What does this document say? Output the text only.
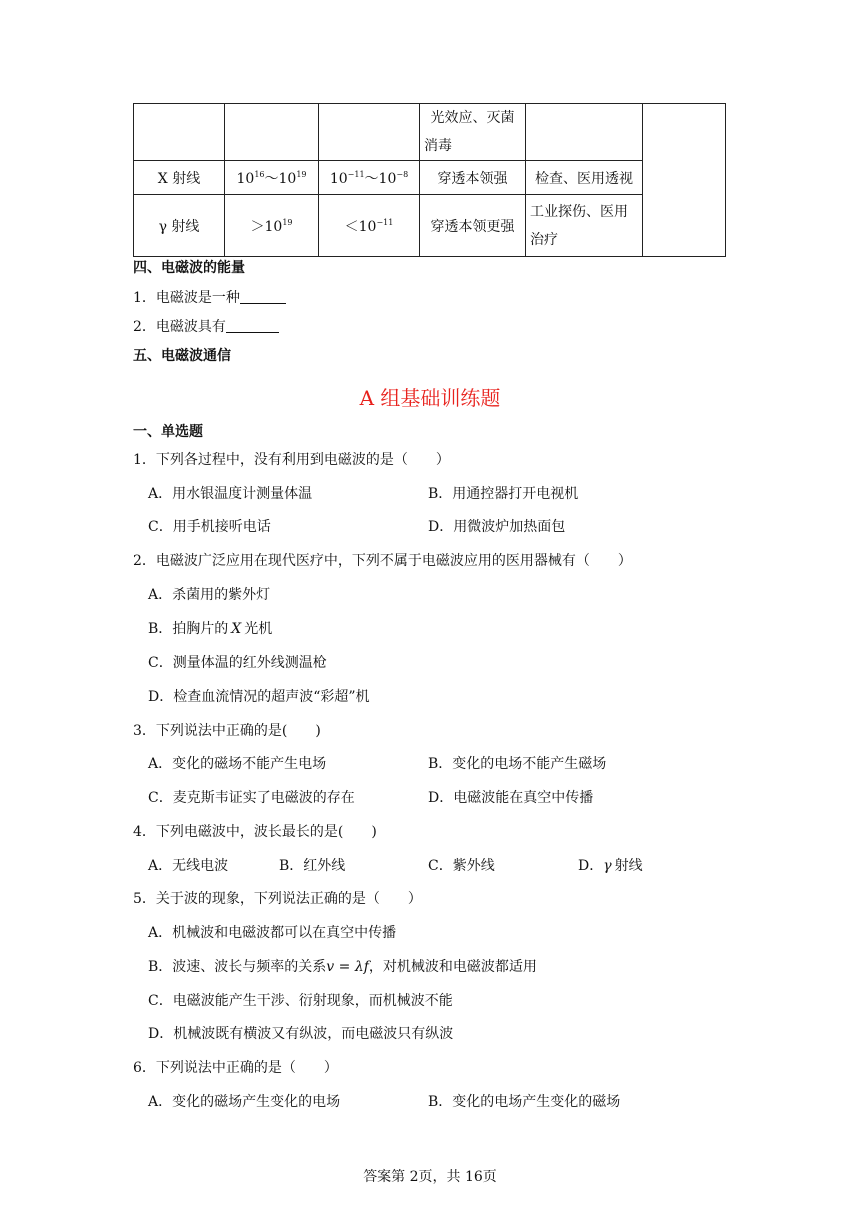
			光效应、灭菌
消毒		

X 射线	$10^{16}\sim 10^{19}$	$10^{-11}\sim 10^{-8}$	穿透本领强	检查、医用透视	
γ 射线	$>10^{19}$	$<10^{-11}$	穿透本领更强	工业探伤、医用
治疗	
四、电磁波的能量
1．电磁波是一种
2．电磁波具有
五、电磁波通信
A 组基础训练题
一、单选题
1．下列各过程中，没有利用到电磁波的是（　　）
A．用水银温度计测量体温	B．用通控器打开电视机
C．用手机接听电话	D．用微波炉加热面包
2．电磁波广泛应用在现代医疗中，下列不属于电磁波应用的医用器械有（　　）
A．杀菌用的紫外灯
B．拍胸片的 X 光机
C．测量体温的红外线测温枪
D．检查血流情况的超声波“彩超”机
3．下列说法中正确的是(　　)
A．变化的磁场不能产生电场	B．变化的电场不能产生磁场
C．麦克斯韦证实了电磁波的存在	D．电磁波能在真空中传播
4．下列电磁波中，波长最长的是(　　)
A．无线电波	B．红外线	C．紫外线	D．γ 射线
5．关于波的现象，下列说法正确的是（　　）
A．机械波和电磁波都可以在真空中传播
B．波速、波长与频率的关系v = λf，对机械波和电磁波都适用
C．电磁波能产生干涉、衍射现象，而机械波不能
D．机械波既有横波又有纵波，而电磁波只有纵波
6．下列说法中正确的是（　　）
A．变化的磁场产生变化的电场	B．变化的电场产生变化的磁场
答案第 2页，共 16页
